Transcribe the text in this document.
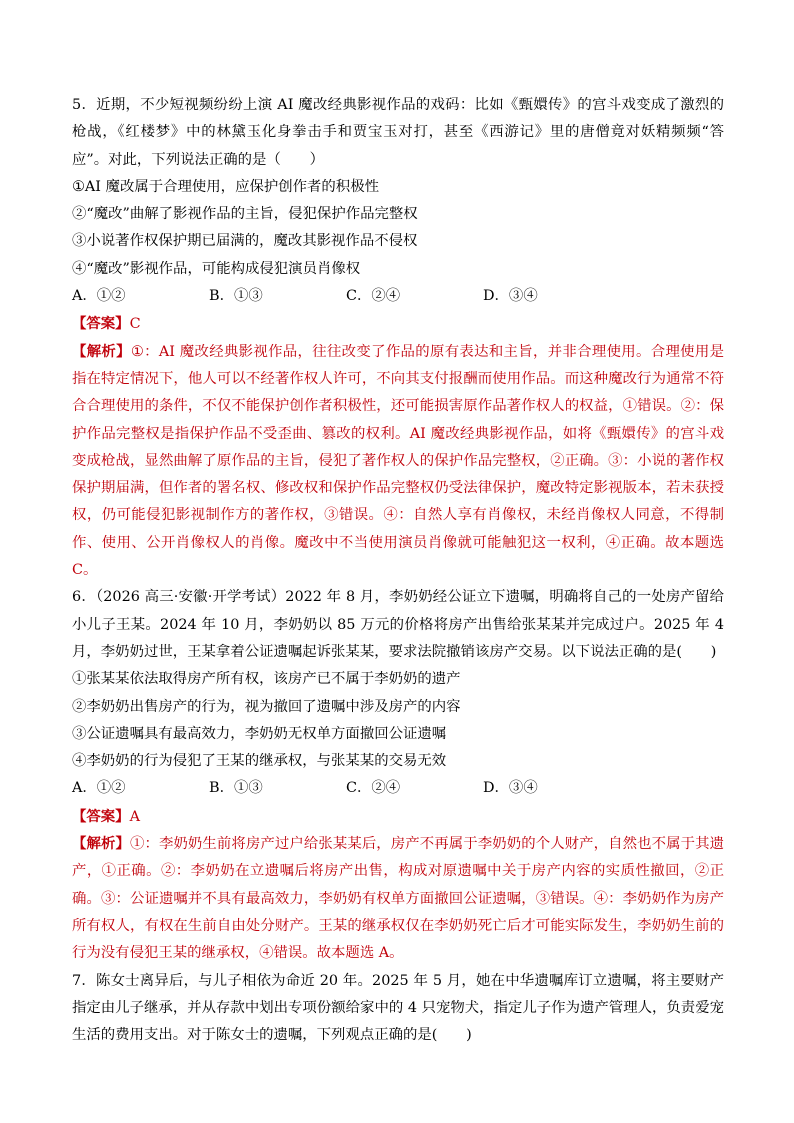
5．近期，不少短视频纷纷上演 AI 魔改经典影视作品的戏码：比如《甄嬛传》的宫斗戏变成了激烈的枪战，《红楼梦》中的林黛玉化身拳击手和贾宝玉对打，甚至《西游记》里的唐僧竟对妖精频频“答应”。对此，下列说法正确的是（　　）
①AI 魔改属于合理使用，应保护创作者的积极性
②“魔改”曲解了影视作品的主旨，侵犯保护作品完整权
③小说著作权保护期已届满的，魔改其影视作品不侵权
④“魔改”影视作品，可能构成侵犯演员肖像权
A．①②	B．①③	C．②④	D．③④
【答案】C
【解析】①：AI 魔改经典影视作品，往往改变了作品的原有表达和主旨，并非合理使用。合理使用是指在特定情况下，他人可以不经著作权人许可，不向其支付报酬而使用作品。而这种魔改行为通常不符合合理使用的条件，不仅不能保护创作者积极性，还可能损害原作品著作权人的权益，①错误。②：保护作品完整权是指保护作品不受歪曲、篡改的权利。AI 魔改经典影视作品，如将《甄嬛传》的宫斗戏变成枪战，显然曲解了原作品的主旨，侵犯了著作权人的保护作品完整权，②正确。③：小说的著作权保护期届满，但作者的署名权、修改权和保护作品完整权仍受法律保护，魔改特定影视版本，若未获授权，仍可能侵犯影视制作方的著作权，③错误。④：自然人享有肖像权，未经肖像权人同意，不得制作、使用、公开肖像权人的肖像。魔改中不当使用演员肖像就可能触犯这一权利，④正确。故本题选 C。
6．（2026 高三·安徽·开学考试）2022 年 8 月，李奶奶经公证立下遗嘱，明确将自己的一处房产留给小儿子王某。2024 年 10 月，李奶奶以 85 万元的价格将房产出售给张某某并完成过户。2025 年 4 月，李奶奶过世，王某拿着公证遗嘱起诉张某某，要求法院撤销该房产交易。以下说法正确的是(　　)
①张某某依法取得房产所有权，该房产已不属于李奶奶的遗产
②李奶奶出售房产的行为，视为撤回了遗嘱中涉及房产的内容
③公证遗嘱具有最高效力，李奶奶无权单方面撤回公证遗嘱
④李奶奶的行为侵犯了王某的继承权，与张某某的交易无效
A．①②	B．①③	C．②④	D．③④
【答案】A
【解析】①：李奶奶生前将房产过户给张某某后，房产不再属于李奶奶的个人财产，自然也不属于其遗产，①正确。②：李奶奶在立遗嘱后将房产出售，构成对原遗嘱中关于房产内容的实质性撤回，②正确。③：公证遗嘱并不具有最高效力，李奶奶有权单方面撤回公证遗嘱，③错误。④：李奶奶作为房产所有权人，有权在生前自由处分财产。王某的继承权仅在李奶奶死亡后才可能实际发生，李奶奶生前的行为没有侵犯王某的继承权，④错误。故本题选 A。
7．陈女士离异后，与儿子相依为命近 20 年。2025 年 5 月，她在中华遗嘱库订立遗嘱，将主要财产指定由儿子继承，并从存款中划出专项份额给家中的 4 只宠物犬，指定儿子作为遗产管理人，负责爱宠生活的费用支出。对于陈女士的遗嘱，下列观点正确的是(　　)
